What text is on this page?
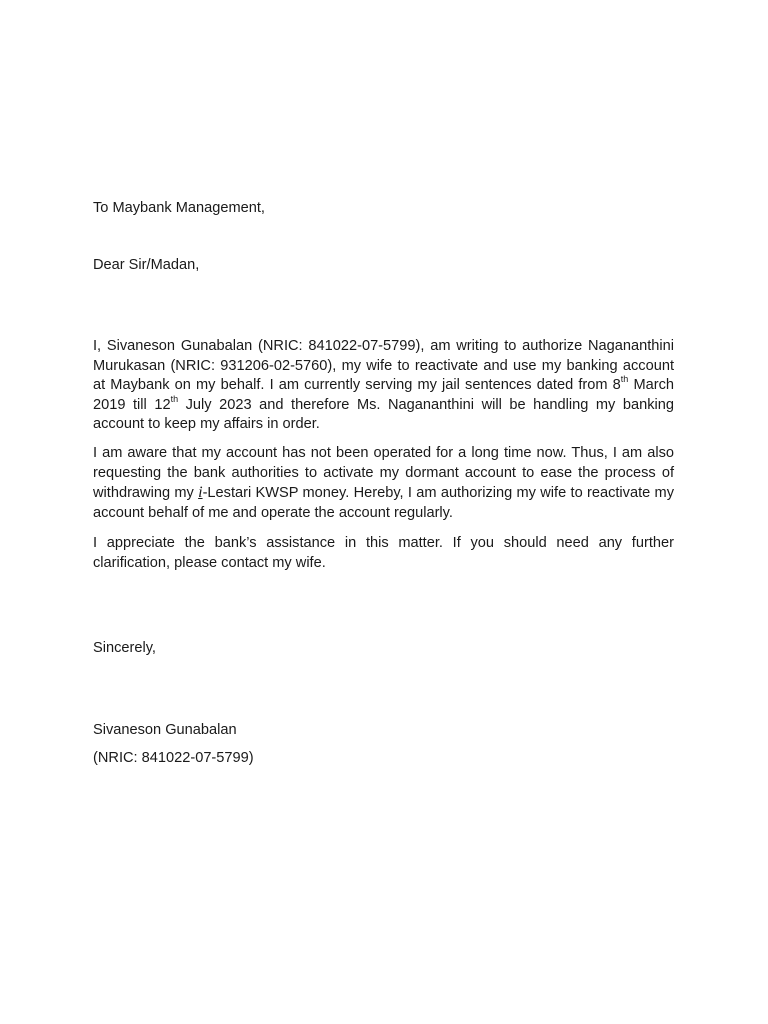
To Maybank Management,
Dear Sir/Madan,
I, Sivaneson Gunabalan (NRIC: 841022-07-5799), am writing to authorize Nagananthini Murukasan (NRIC: 931206-02-5760), my wife to reactivate and use my banking account at Maybank on my behalf. I am currently serving my jail sentences dated from 8th March 2019 till 12th July 2023 and therefore Ms. Nagananthini will be handling my banking account to keep my affairs in order.
I am aware that my account has not been operated for a long time now. Thus, I am also requesting the bank authorities to activate my dormant account to ease the process of withdrawing my i-Lestari KWSP money. Hereby, I am authorizing my wife to reactivate my account behalf of me and operate the account regularly.
I appreciate the bank’s assistance in this matter. If you should need any further clarification, please contact my wife.
Sincerely,
Sivaneson Gunabalan
(NRIC: 841022-07-5799)
